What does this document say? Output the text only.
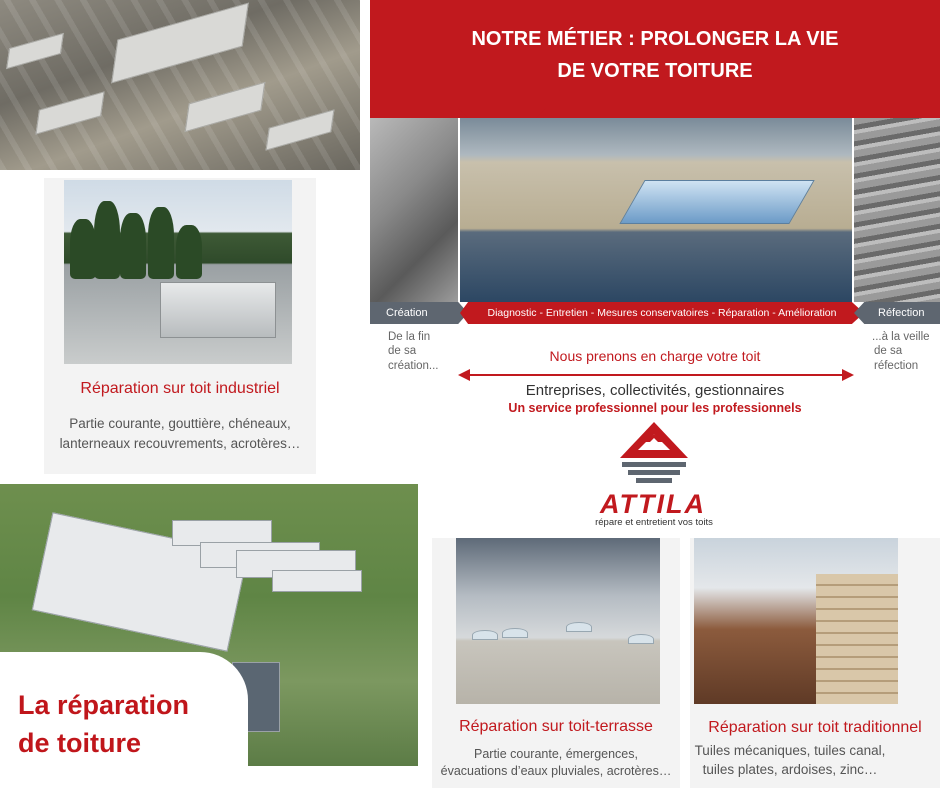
Réparation sur toit industriel
Partie courante, gouttière, chéneaux,
lanterneaux recouvrements, acrotères…
La réparation
de toiture
NOTRE MÉTIER : PROLONGER LA VIE
DE VOTRE TOITURE
Création	Diagnostic - Entretien - Mesures conservatoires - Réparation - Amélioration	Réfection
De la fin
de sa
création...
...à la veille
de sa
réfection
Nous prenons en charge votre toit
Entreprises, collectivités, gestionnaires
Un service professionnel pour les professionnels
ATTILA
répare et entretient vos toits
Réparation sur toit-terrasse
Partie courante, émergences,
évacuations d’eaux pluviales, acrotères…
Réparation sur toit traditionnel
Tuiles mécaniques, tuiles canal,
tuiles plates, ardoises, zinc…
